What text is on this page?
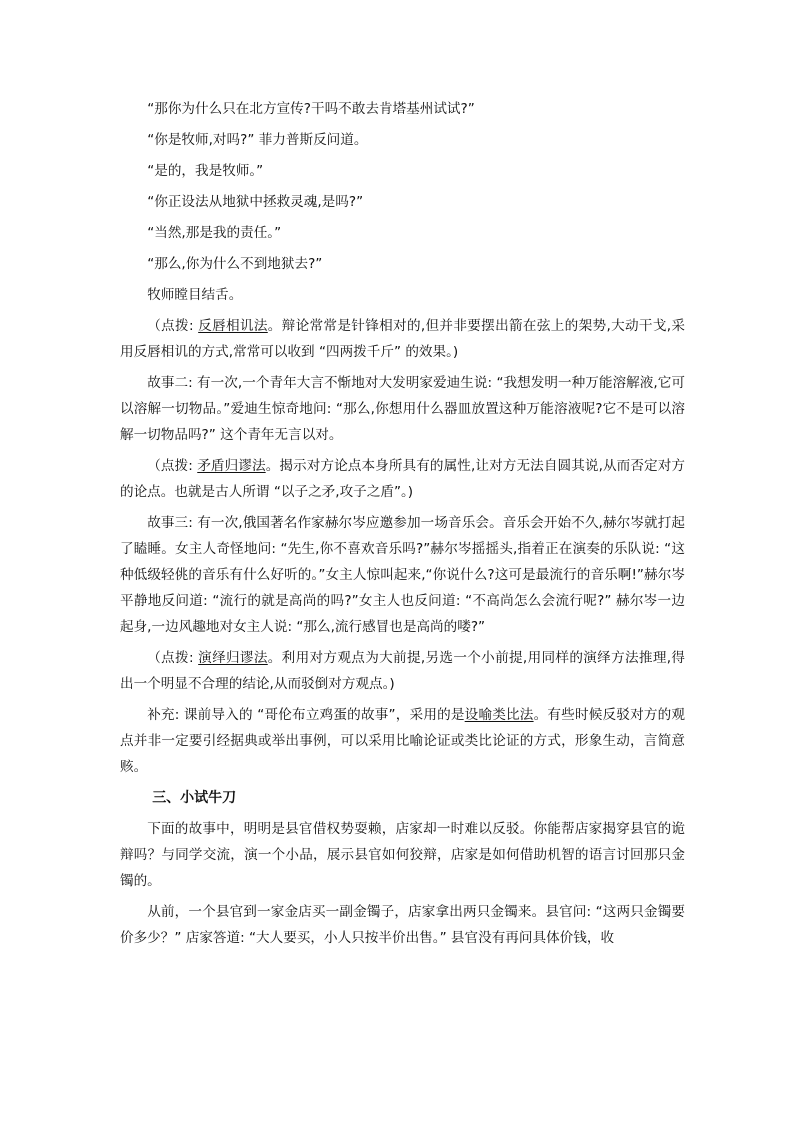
“那你为什么只在北方宣传?干吗不敢去肯塔基州试试?”

“你是牧师,对吗?” 菲力普斯反问道。

“是的，我是牧师。”

“你正设法从地狱中拯救灵魂,是吗?”

“当然,那是我的责任。”

“那么,你为什么不到地狱去?”

牧师瞠目结舌。

（点拨: 反唇相讥法。辩论常常是针锋相对的,但并非要摆出箭在弦上的架势,大动干戈,采用反唇相讥的方式,常常可以收到 “四两拨千斤” 的效果。)

故事二: 有一次,一个青年大言不惭地对大发明家爱迪生说: “我想发明一种万能溶解液,它可以溶解一切物品。”爱迪生惊奇地问: “那么,你想用什么器皿放置这种万能溶液呢?它不是可以溶解一切物品吗?” 这个青年无言以对。

（点拨: 矛盾归谬法。揭示对方论点本身所具有的属性,让对方无法自圆其说,从而否定对方的论点。也就是古人所谓 “以子之矛,攻子之盾”。)

故事三: 有一次,俄国著名作家赫尔岑应邀参加一场音乐会。音乐会开始不久,赫尔岑就打起了瞌睡。女主人奇怪地问: “先生,你不喜欢音乐吗?”赫尔岑摇摇头,指着正在演奏的乐队说: “这种低级轻佻的音乐有什么好听的。”女主人惊叫起来,“你说什么?这可是最流行的音乐啊!”赫尔岑平静地反问道: “流行的就是高尚的吗?”女主人也反问道: “不高尚怎么会流行呢?” 赫尔岑一边起身,一边风趣地对女主人说: “那么,流行感冒也是高尚的喽?”

（点拨: 演绎归谬法。利用对方观点为大前提,另选一个小前提,用同样的演绎方法推理,得出一个明显不合理的结论,从而驳倒对方观点。)

补充: 课前导入的 “哥伦布立鸡蛋的故事”，采用的是设喻类比法。有些时候反驳对方的观点并非一定要引经据典或举出事例，可以采用比喻论证或类比论证的方式，形象生动，言简意赅。

三、小试牛刀

下面的故事中，明明是县官借权势耍赖，店家却一时难以反驳。你能帮店家揭穿县官的诡辩吗？与同学交流，演一个小品，展示县官如何狡辩，店家是如何借助机智的语言讨回那只金镯的。

从前，一个县官到一家金店买一副金镯子，店家拿出两只金镯来。县官问: “这两只金镯要价多少？” 店家答道: “大人要买，小人只按半价出售。” 县官没有再问具体价钱，收
